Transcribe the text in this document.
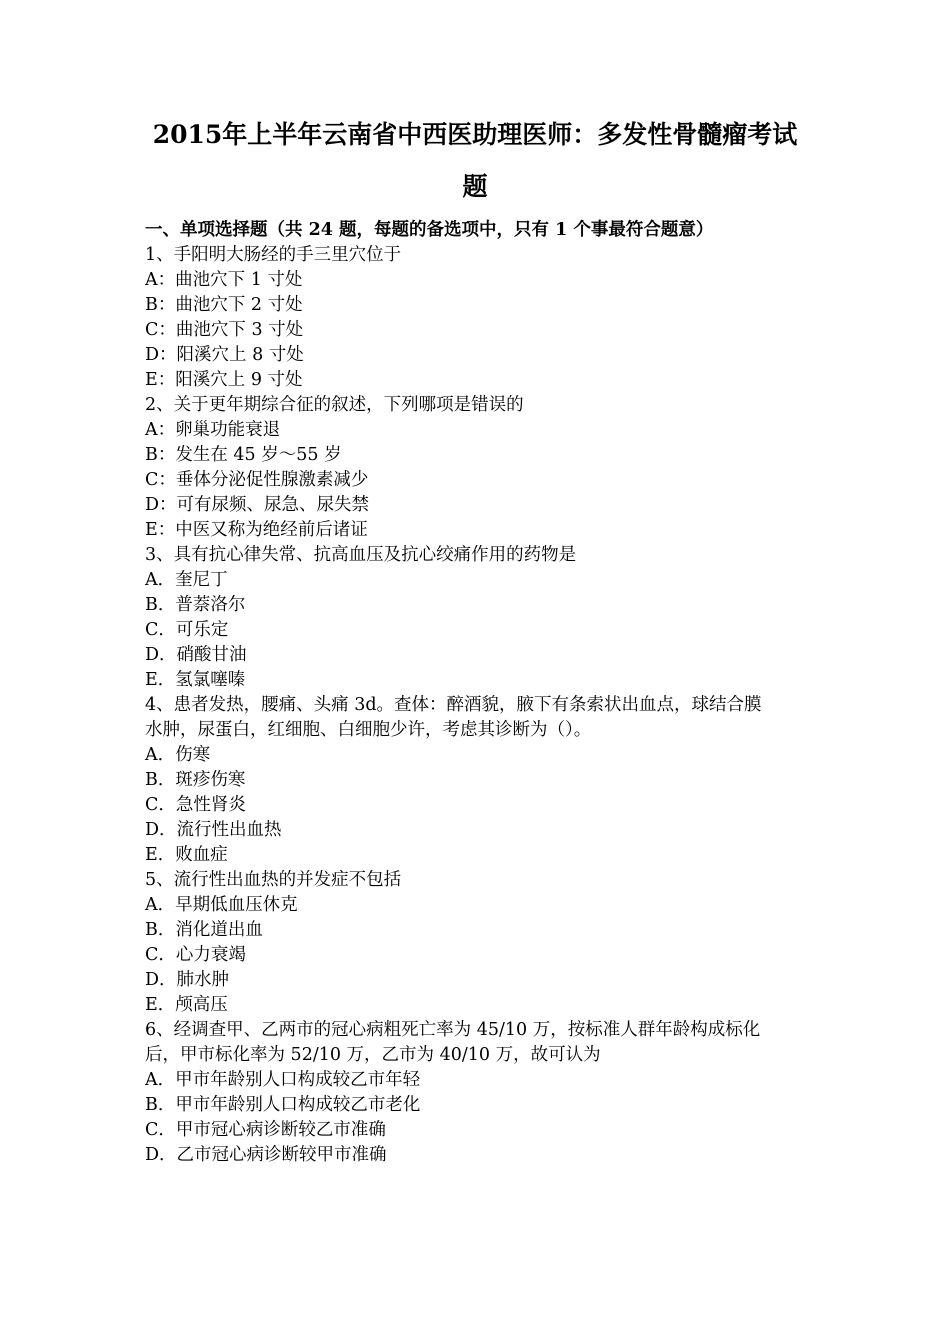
2015年上半年云南省中西医助理医师：多发性骨髓瘤考试
题
一、单项选择题（共 24 题，每题的备选项中，只有 1 个事最符合题意）
1、手阳明大肠经的手三里穴位于
A：曲池穴下 1 寸处
B：曲池穴下 2 寸处
C：曲池穴下 3 寸处
D：阳溪穴上 8 寸处
E：阳溪穴上 9 寸处
2、关于更年期综合征的叙述，下列哪项是错误的
A：卵巢功能衰退
B：发生在 45 岁～55 岁
C：垂体分泌促性腺激素减少
D：可有尿频、尿急、尿失禁
E：中医又称为绝经前后诸证
3、具有抗心律失常、抗高血压及抗心绞痛作用的药物是
A．奎尼丁
B．普萘洛尔
C．可乐定
D．硝酸甘油
E．氢氯噻嗪
4、患者发热，腰痛、头痛 3d。查体：醉酒貌，腋下有条索状出血点，球结合膜
水肿，尿蛋白，红细胞、白细胞少许，考虑其诊断为（）。
A．伤寒
B．斑疹伤寒
C．急性肾炎
D．流行性出血热
E．败血症
5、流行性出血热的并发症不包括
A．早期低血压休克
B．消化道出血
C．心力衰竭
D．肺水肿
E．颅高压
6、经调查甲、乙两市的冠心病粗死亡率为 45/10 万，按标准人群年龄构成标化
后，甲市标化率为 52/10 万，乙市为 40/10 万，故可认为
A．甲市年龄别人口构成较乙市年轻
B．甲市年龄别人口构成较乙市老化
C．甲市冠心病诊断较乙市准确
D．乙市冠心病诊断较甲市准确
